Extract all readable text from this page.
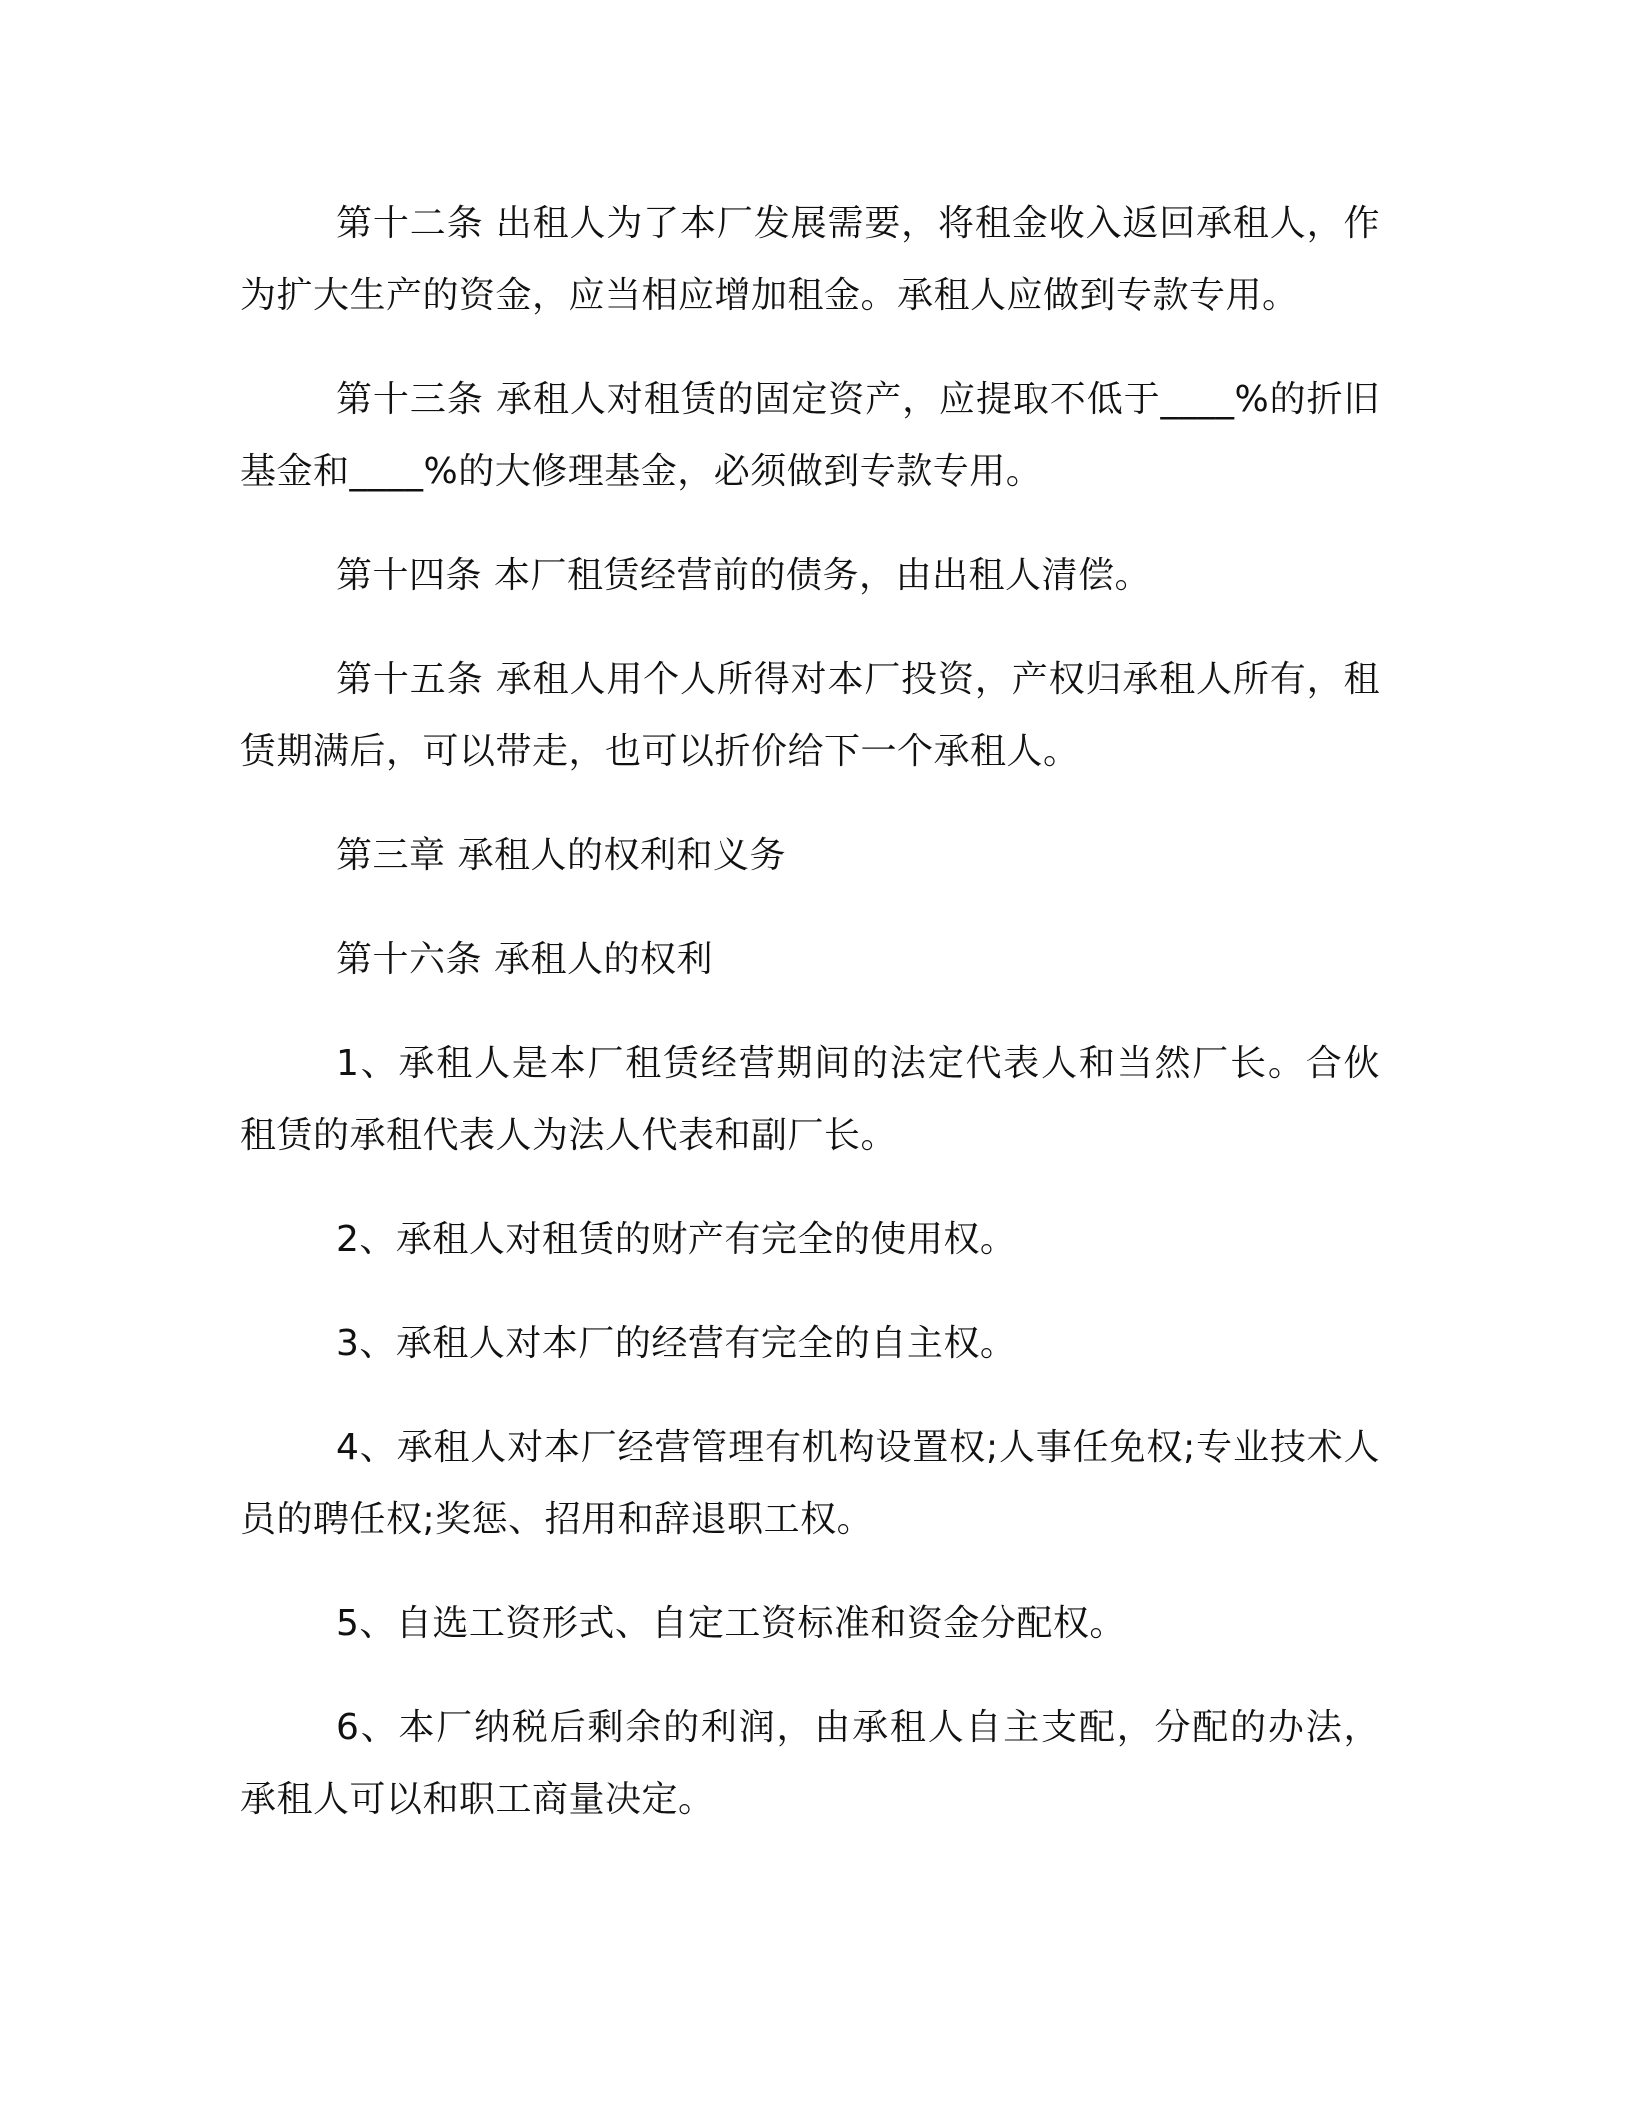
第十二条 出租人为了本厂发展需要，将租金收入返回承租人，作为扩大生产的资金，应当相应增加租金。承租人应做到专款专用。

第十三条 承租人对租赁的固定资产，应提取不低于____%的折旧基金和____%的大修理基金，必须做到专款专用。

第十四条 本厂租赁经营前的债务，由出租人清偿。

第十五条 承租人用个人所得对本厂投资，产权归承租人所有，租赁期满后，可以带走，也可以折价给下一个承租人。

第三章 承租人的权利和义务

第十六条 承租人的权利

1、承租人是本厂租赁经营期间的法定代表人和当然厂长。合伙租赁的承租代表人为法人代表和副厂长。

2、承租人对租赁的财产有完全的使用权。

3、承租人对本厂的经营有完全的自主权。

4、承租人对本厂经营管理有机构设置权;人事任免权;专业技术人员的聘任权;奖惩、招用和辞退职工权。

5、自选工资形式、自定工资标准和资金分配权。

6、本厂纳税后剩余的利润，由承租人自主支配，分配的办法，承租人可以和职工商量决定。
